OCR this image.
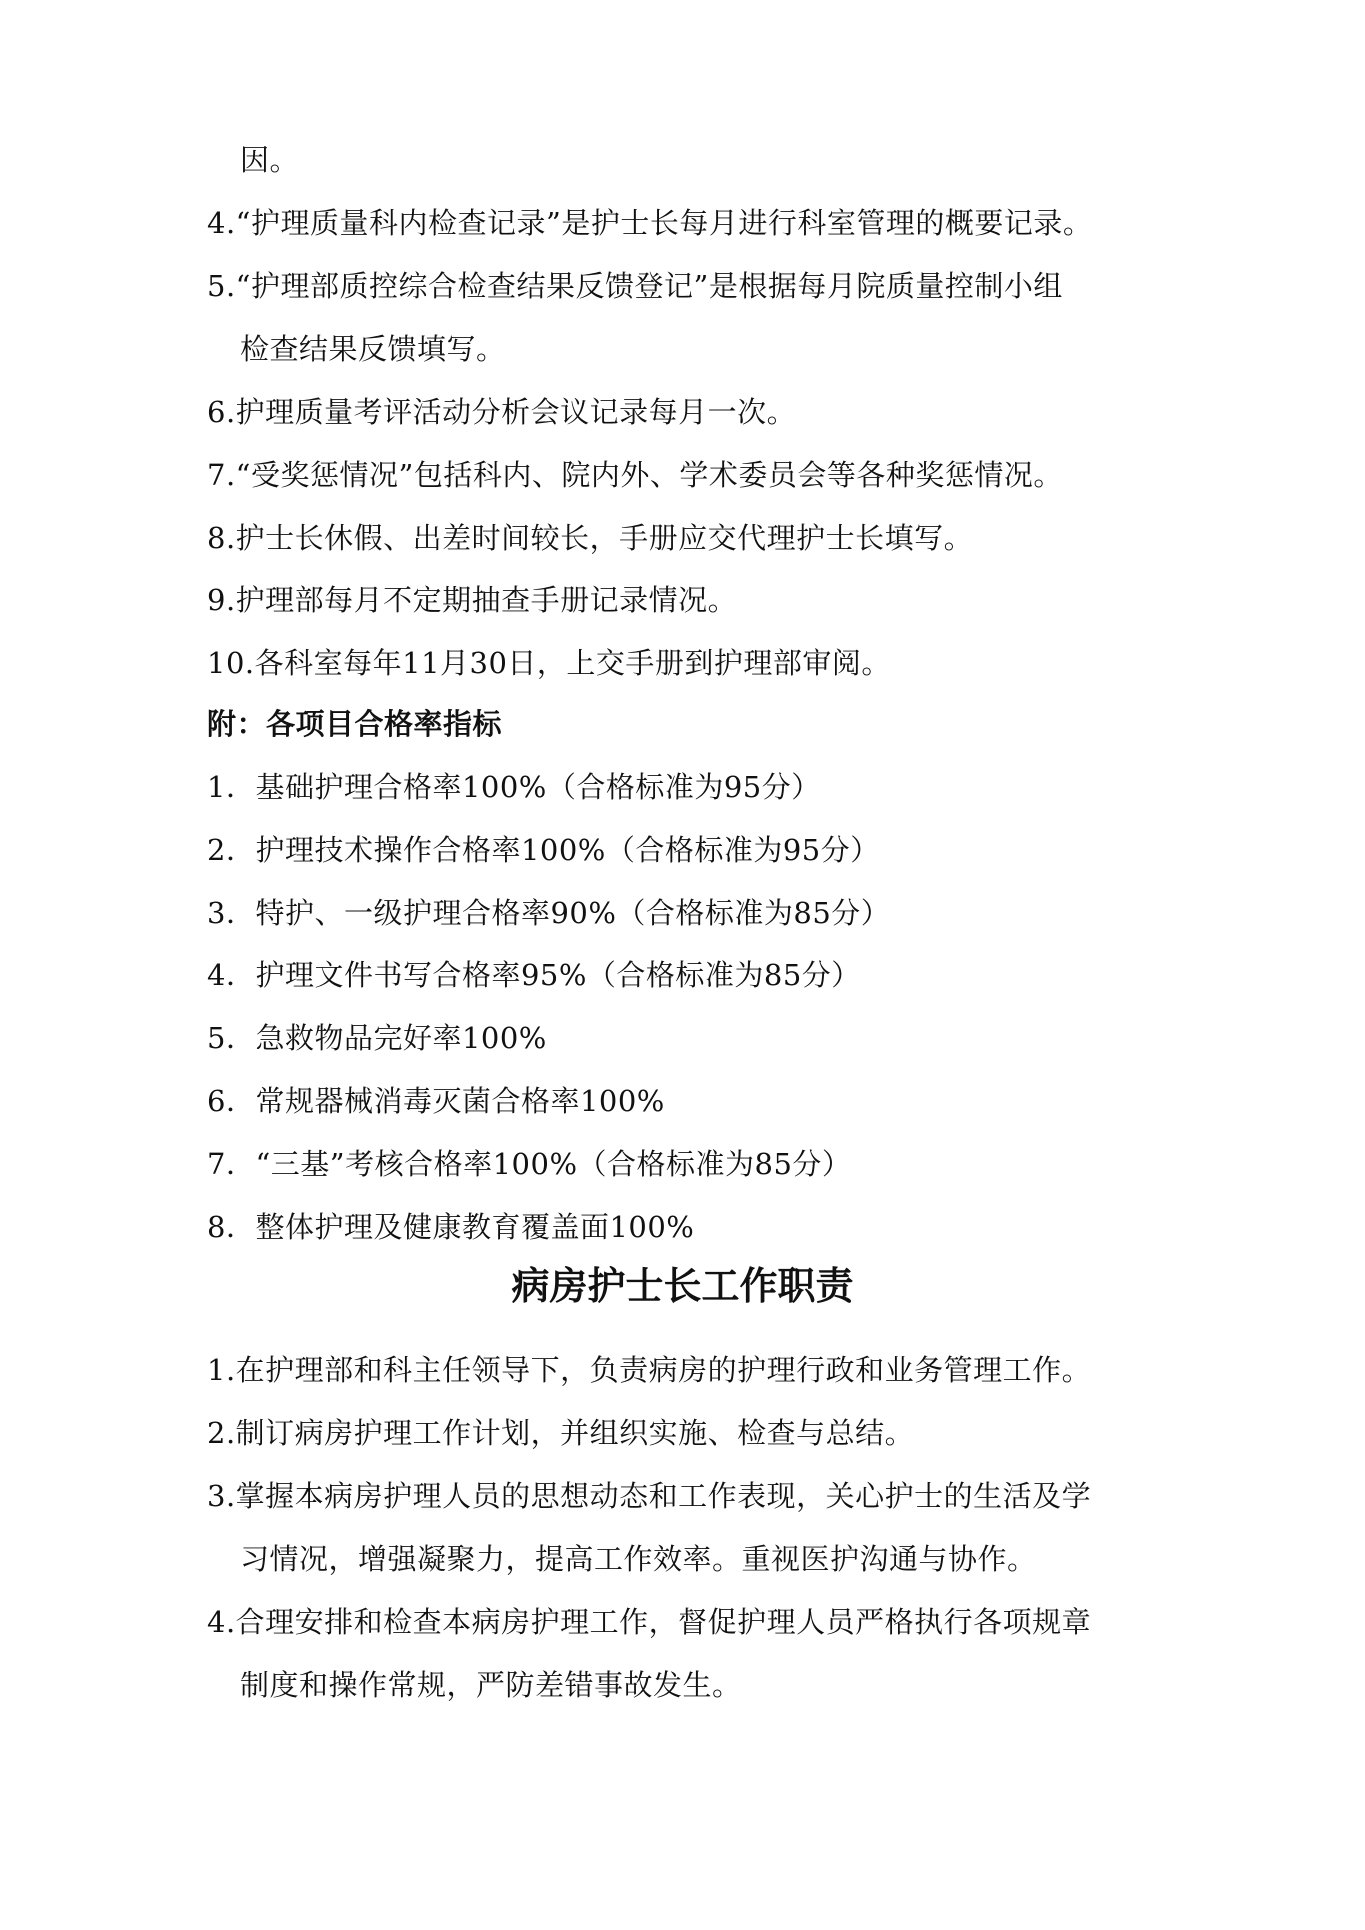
因。
4.“护理质量科内检查记录”是护士长每月进行科室管理的概要记录。
5.“护理部质控综合检查结果反馈登记”是根据每月院质量控制小组
检查结果反馈填写。
6.护理质量考评活动分析会议记录每月一次。
7.“受奖惩情况”包括科内、院内外、学术委员会等各种奖惩情况。
8.护士长休假、出差时间较长，手册应交代理护士长填写。
9.护理部每月不定期抽查手册记录情况。
10.各科室每年11月30日，上交手册到护理部审阅。
附：各项目合格率指标
1．基础护理合格率100%（合格标准为95分）
2．护理技术操作合格率100%（合格标准为95分）
3．特护、一级护理合格率90%（合格标准为85分）
4．护理文件书写合格率95%（合格标准为85分）
5．急救物品完好率100%
6．常规器械消毒灭菌合格率100%
7．“三基”考核合格率100%（合格标准为85分）
8．整体护理及健康教育覆盖面100%
病房护士长工作职责
1.在护理部和科主任领导下，负责病房的护理行政和业务管理工作。
2.制订病房护理工作计划，并组织实施、检查与总结。
3.掌握本病房护理人员的思想动态和工作表现，关心护士的生活及学
习情况，增强凝聚力，提高工作效率。重视医护沟通与协作。
4.合理安排和检查本病房护理工作，督促护理人员严格执行各项规章
制度和操作常规，严防差错事故发生。
